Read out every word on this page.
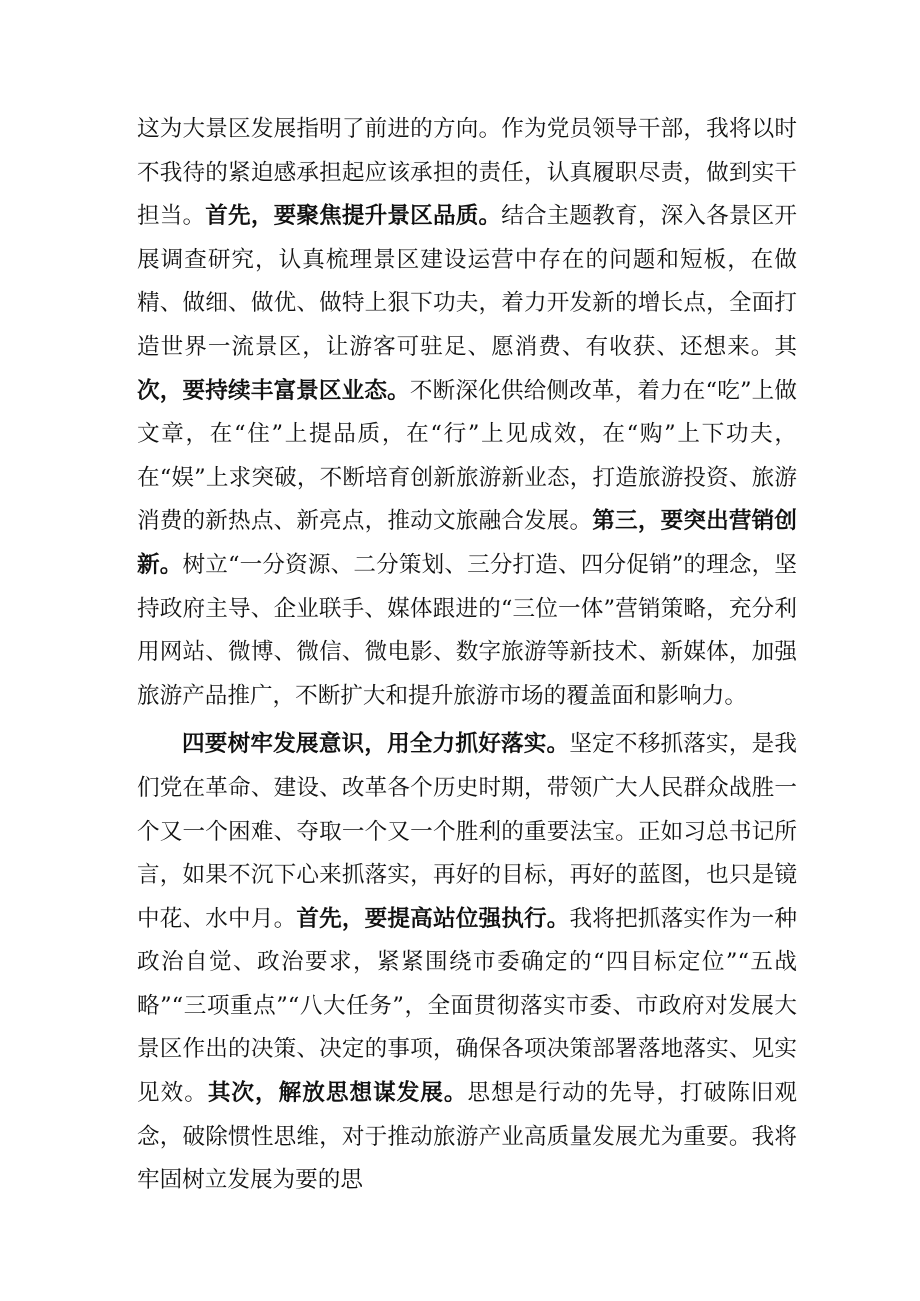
这为大景区发展指明了前进的方向。作为党员领导干部，我将以时不我待的紧迫感承担起应该承担的责任，认真履职尽责，做到实干担当。首先，要聚焦提升景区品质。结合主题教育，深入各景区开展调查研究，认真梳理景区建设运营中存在的问题和短板，在做精、做细、做优、做特上狠下功夫，着力开发新的增长点，全面打造世界一流景区，让游客可驻足、愿消费、有收获、还想来。其次，要持续丰富景区业态。不断深化供给侧改革，着力在“吃”上做文章，在“住”上提品质，在“行”上见成效，在“购”上下功夫，在“娱”上求突破，不断培育创新旅游新业态，打造旅游投资、旅游消费的新热点、新亮点，推动文旅融合发展。第三，要突出营销创新。树立“一分资源、二分策划、三分打造、四分促销”的理念，坚持政府主导、企业联手、媒体跟进的“三位一体”营销策略，充分利用网站、微博、微信、微电影、数字旅游等新技术、新媒体，加强旅游产品推广，不断扩大和提升旅游市场的覆盖面和影响力。

四要树牢发展意识，用全力抓好落实。坚定不移抓落实，是我们党在革命、建设、改革各个历史时期，带领广大人民群众战胜一个又一个困难、夺取一个又一个胜利的重要法宝。正如习总书记所言，如果不沉下心来抓落实，再好的目标，再好的蓝图，也只是镜中花、水中月。首先，要提高站位强执行。我将把抓落实作为一种政治自觉、政治要求，紧紧围绕市委确定的“四目标定位”“五战略”“三项重点”“八大任务”，全面贯彻落实市委、市政府对发展大景区作出的决策、决定的事项，确保各项决策部署落地落实、见实见效。其次，解放思想谋发展。思想是行动的先导，打破陈旧观念，破除惯性思维，对于推动旅游产业高质量发展尤为重要。我将牢固树立发展为要的思
